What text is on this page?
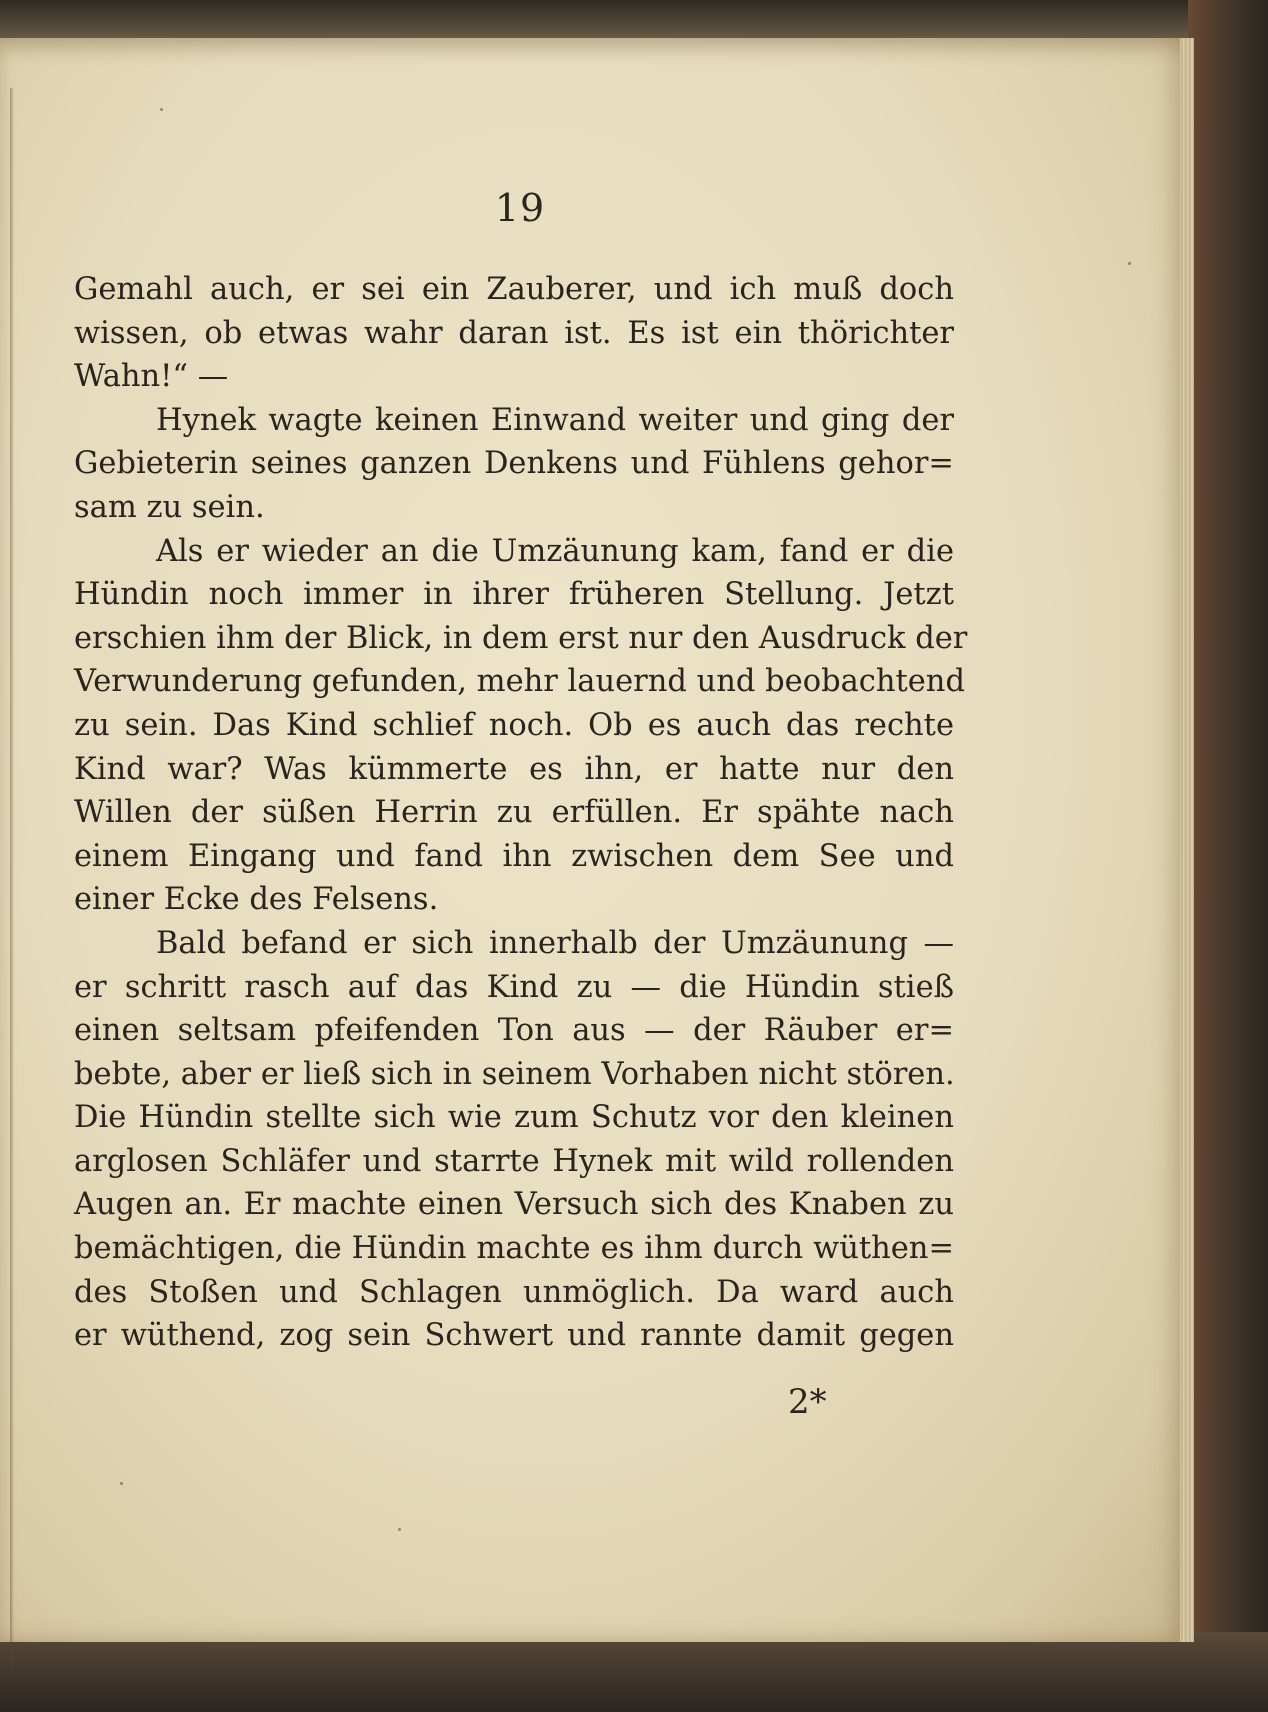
19
Gemahl auch, er sei ein Zauberer, und ich muß doch
wissen, ob etwas wahr daran ist. Es ist ein thörichter
Wahn!“ —
Hynek wagte keinen Einwand weiter und ging der
Gebieterin seines ganzen Denkens und Fühlens gehor=
sam zu sein.
Als er wieder an die Umzäunung kam, fand er die
Hündin noch immer in ihrer früheren Stellung. Jetzt
erschien ihm der Blick, in dem erst nur den Ausdruck der
Verwunderung gefunden, mehr lauernd und beobachtend
zu sein. Das Kind schlief noch. Ob es auch das rechte
Kind war? Was kümmerte es ihn, er hatte nur den
Willen der süßen Herrin zu erfüllen. Er spähte nach
einem Eingang und fand ihn zwischen dem See und
einer Ecke des Felsens.
Bald befand er sich innerhalb der Umzäunung —
er schritt rasch auf das Kind zu — die Hündin stieß
einen seltsam pfeifenden Ton aus — der Räuber er=
bebte, aber er ließ sich in seinem Vorhaben nicht stören.
Die Hündin stellte sich wie zum Schutz vor den kleinen
arglosen Schläfer und starrte Hynek mit wild rollenden
Augen an. Er machte einen Versuch sich des Knaben zu
bemächtigen, die Hündin machte es ihm durch wüthen=
des Stoßen und Schlagen unmöglich. Da ward auch
er wüthend, zog sein Schwert und rannte damit gegen
2*
